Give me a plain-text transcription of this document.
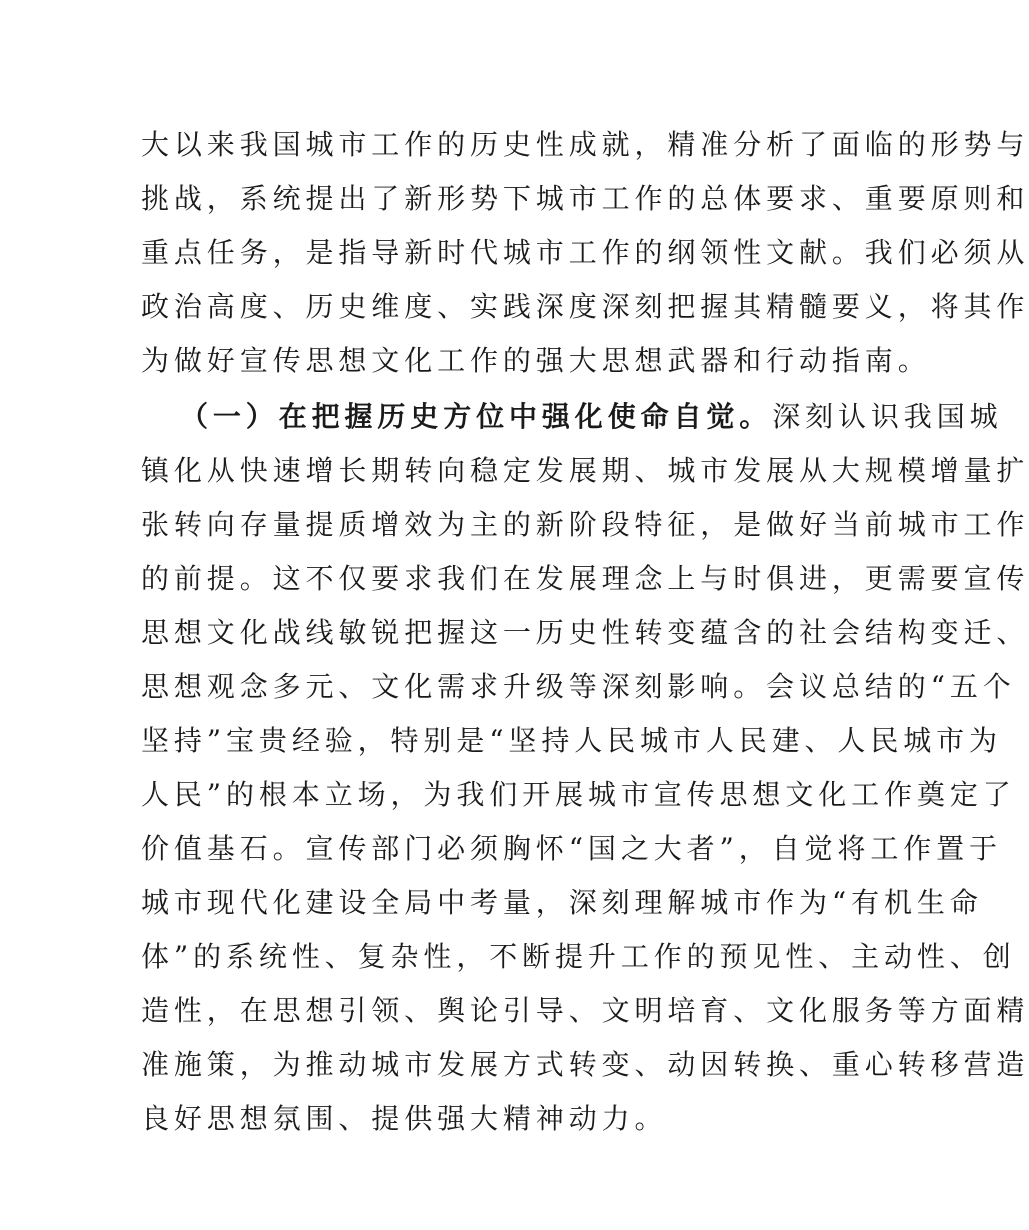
大以来我国城市工作的历史性成就，精准分析了面临的形势与
挑战，系统提出了新形势下城市工作的总体要求、重要原则和
重点任务，是指导新时代城市工作的纲领性文献。我们必须从
政治高度、历史维度、实践深度深刻把握其精髓要义，将其作
为做好宣传思想文化工作的强大思想武器和行动指南。
（一）在把握历史方位中强化使命自觉。深刻认识我国城
镇化从快速增长期转向稳定发展期、城市发展从大规模增量扩
张转向存量提质增效为主的新阶段特征，是做好当前城市工作
的前提。这不仅要求我们在发展理念上与时俱进，更需要宣传
思想文化战线敏锐把握这一历史性转变蕴含的社会结构变迁、
思想观念多元、文化需求升级等深刻影响。会议总结的“五个
坚持”宝贵经验，特别是“坚持人民城市人民建、人民城市为
人民”的根本立场，为我们开展城市宣传思想文化工作奠定了
价值基石。宣传部门必须胸怀“国之大者”，自觉将工作置于
城市现代化建设全局中考量，深刻理解城市作为“有机生命
体”的系统性、复杂性，不断提升工作的预见性、主动性、创
造性，在思想引领、舆论引导、文明培育、文化服务等方面精
准施策，为推动城市发展方式转变、动因转换、重心转移营造
良好思想氛围、提供强大精神动力。
